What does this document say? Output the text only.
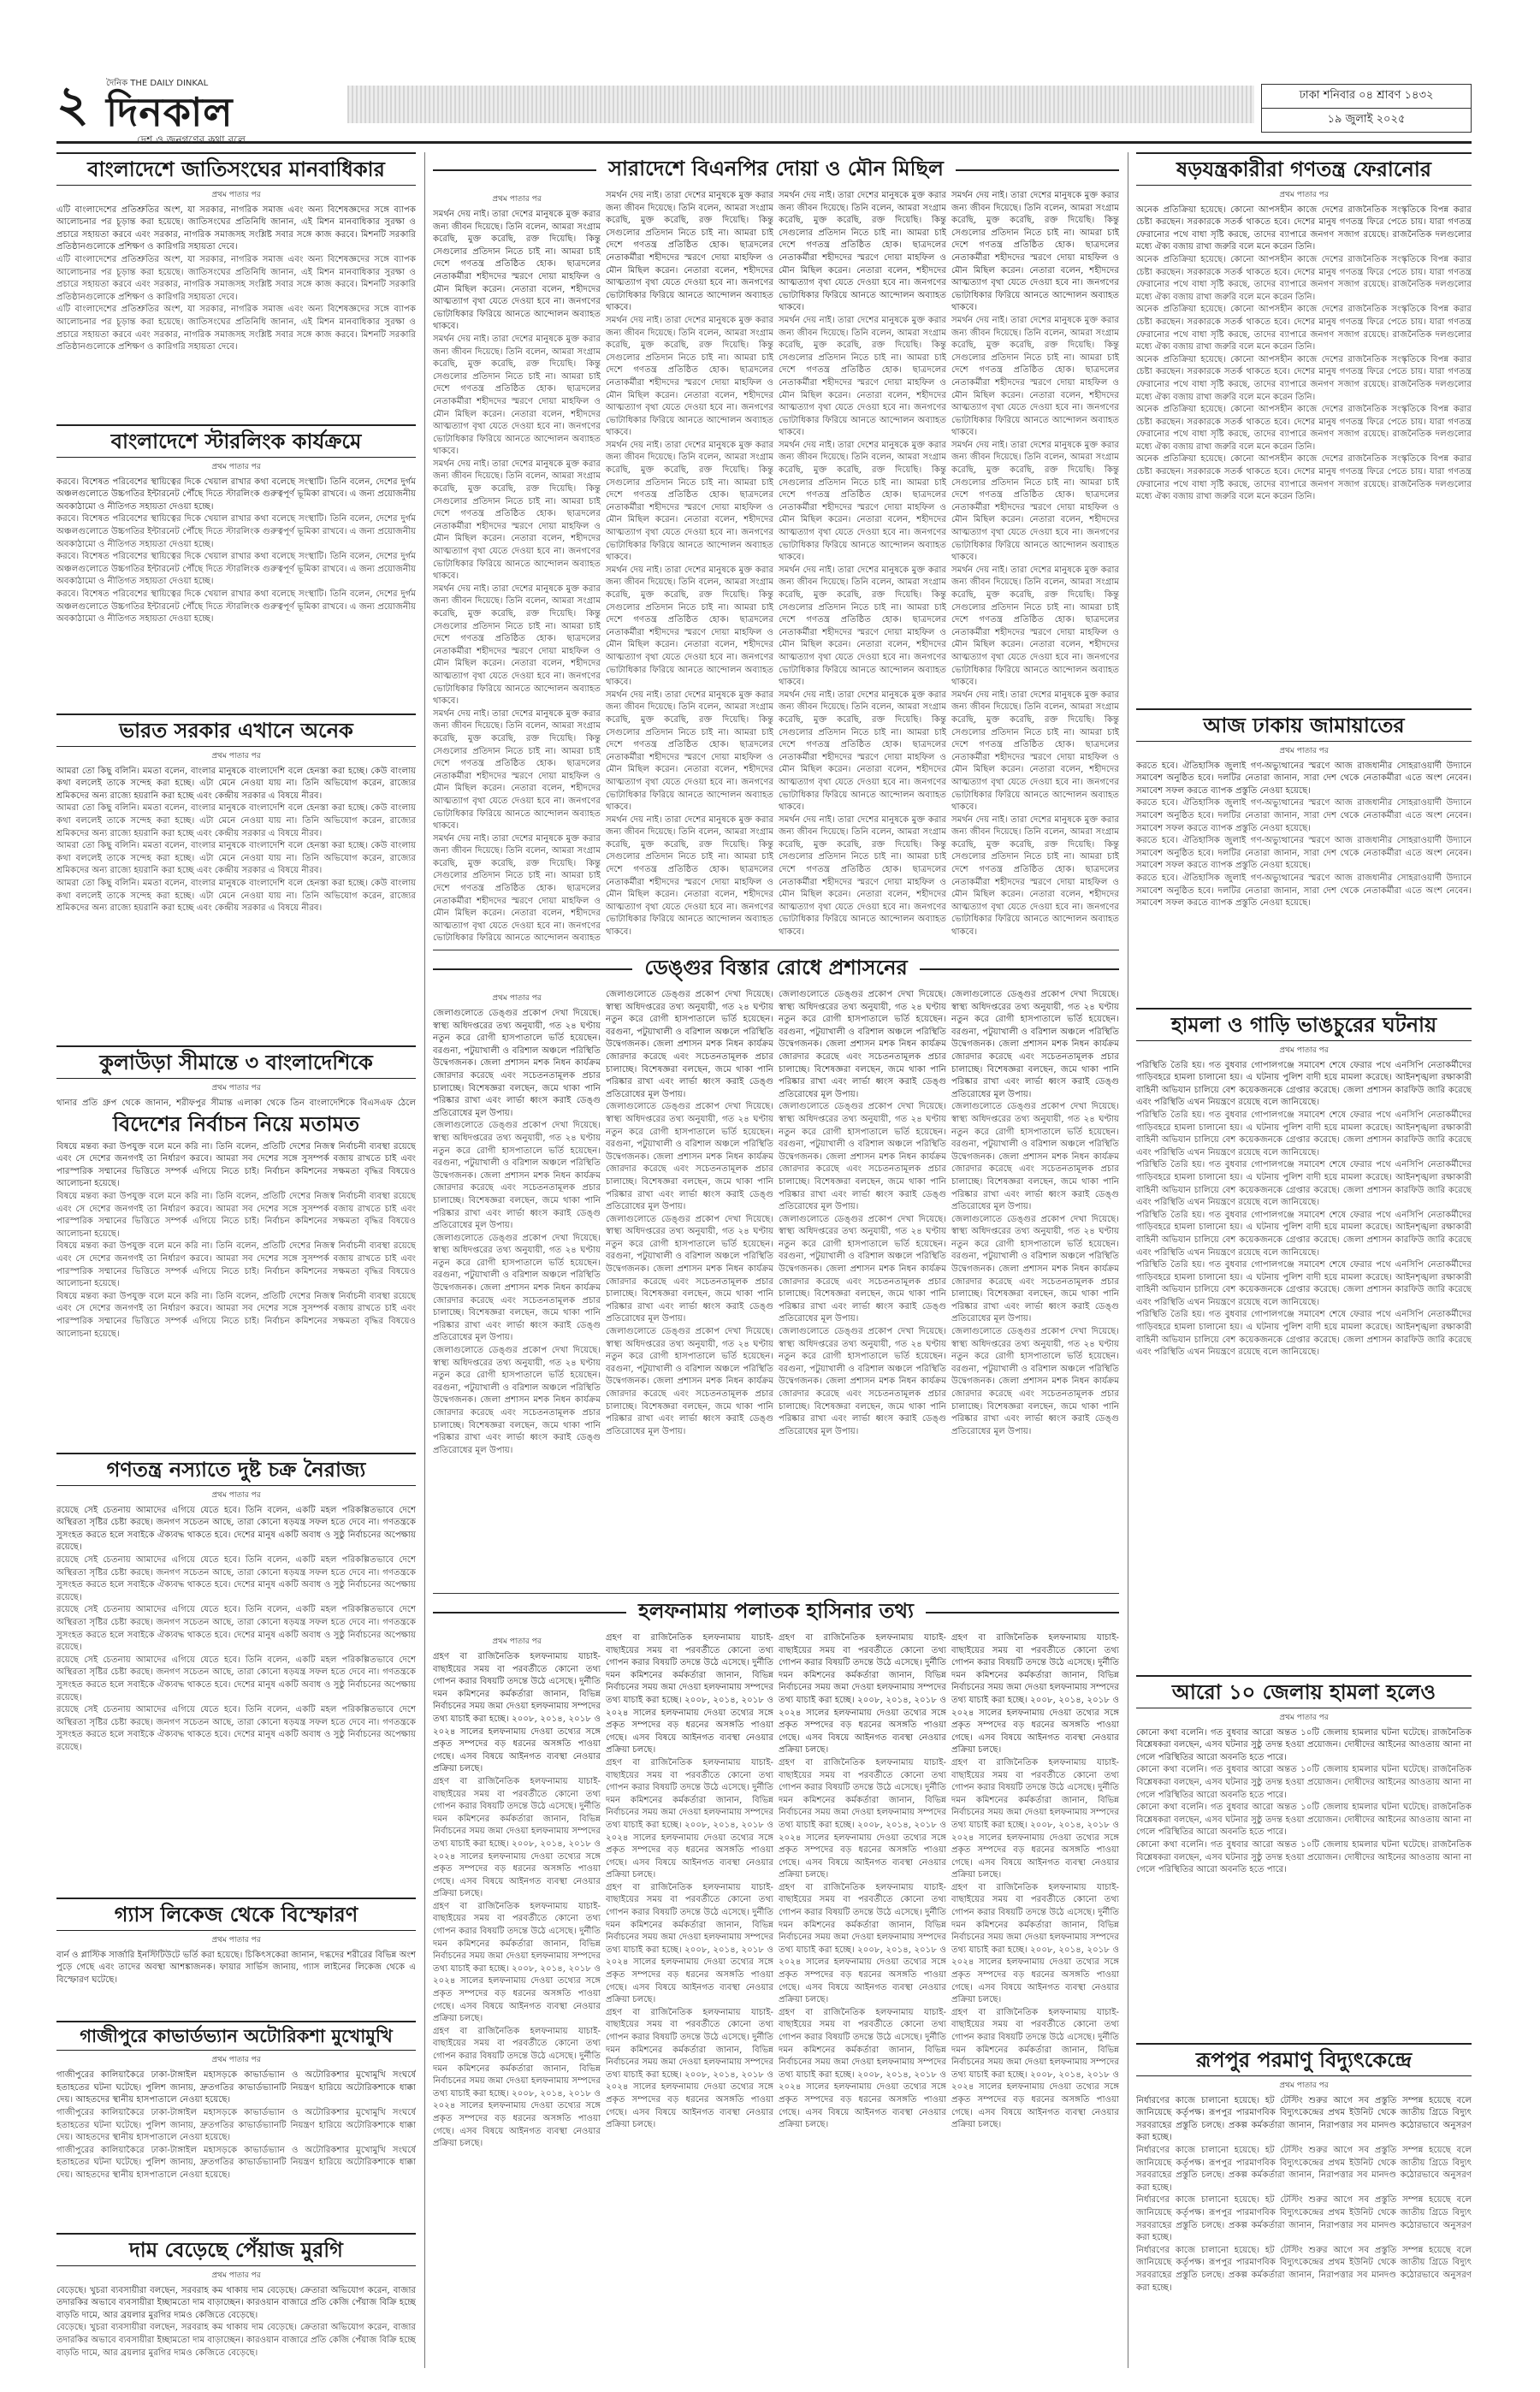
২ দৈনিক THE DAILY DINKAL
দিনকাল
দেশ ও জনগণের কথা বলে
ঢাকা শনিবার ০৪ শ্রাবণ ১৪৩২
১৯ জুলাই ২০২৫
বাংলাদেশে জাতিসংঘের মানবাধিকার
প্রথম পাতার পর
এটি বাংলাদেশের প্রতিশ্রুতির অংশ, যা সরকার, নাগরিক সমাজ এবং অন্য বিশেষজ্ঞদের সঙ্গে ব্যাপক আলোচনার পর চূড়ান্ত করা হয়েছে। জাতিসংঘের প্রতিনিধি জানান, এই মিশন মানবাধিকার সুরক্ষা ও প্রচারে সহায়তা করবে এবং সরকার, নাগরিক সমাজসহ সংশ্লিষ্ট সবার সঙ্গে কাজ করবে। মিশনটি সরকারি প্রতিষ্ঠানগুলোকে প্রশিক্ষণ ও কারিগরি সহায়তা দেবে।
এটি বাংলাদেশের প্রতিশ্রুতির অংশ, যা সরকার, নাগরিক সমাজ এবং অন্য বিশেষজ্ঞদের সঙ্গে ব্যাপক আলোচনার পর চূড়ান্ত করা হয়েছে। জাতিসংঘের প্রতিনিধি জানান, এই মিশন মানবাধিকার সুরক্ষা ও প্রচারে সহায়তা করবে এবং সরকার, নাগরিক সমাজসহ সংশ্লিষ্ট সবার সঙ্গে কাজ করবে। মিশনটি সরকারি প্রতিষ্ঠানগুলোকে প্রশিক্ষণ ও কারিগরি সহায়তা দেবে।
এটি বাংলাদেশের প্রতিশ্রুতির অংশ, যা সরকার, নাগরিক সমাজ এবং অন্য বিশেষজ্ঞদের সঙ্গে ব্যাপক আলোচনার পর চূড়ান্ত করা হয়েছে। জাতিসংঘের প্রতিনিধি জানান, এই মিশন মানবাধিকার সুরক্ষা ও প্রচারে সহায়তা করবে এবং সরকার, নাগরিক সমাজসহ সংশ্লিষ্ট সবার সঙ্গে কাজ করবে। মিশনটি সরকারি প্রতিষ্ঠানগুলোকে প্রশিক্ষণ ও কারিগরি সহায়তা দেবে।
বাংলাদেশে স্টারলিংক কার্যক্রমে
প্রথম পাতার পর
করবে। বিশেষত পরিবেশের স্থায়িত্বের দিকে খেয়াল রাখার কথা বলেছে সংস্থাটি। তিনি বলেন, দেশের দুর্গম অঞ্চলগুলোতে উচ্চগতির ইন্টারনেট পৌঁছে দিতে স্টারলিংক গুরুত্বপূর্ণ ভূমিকা রাখবে। এ জন্য প্রয়োজনীয় অবকাঠামো ও নীতিগত সহায়তা দেওয়া হচ্ছে।
করবে। বিশেষত পরিবেশের স্থায়িত্বের দিকে খেয়াল রাখার কথা বলেছে সংস্থাটি। তিনি বলেন, দেশের দুর্গম অঞ্চলগুলোতে উচ্চগতির ইন্টারনেট পৌঁছে দিতে স্টারলিংক গুরুত্বপূর্ণ ভূমিকা রাখবে। এ জন্য প্রয়োজনীয় অবকাঠামো ও নীতিগত সহায়তা দেওয়া হচ্ছে।
করবে। বিশেষত পরিবেশের স্থায়িত্বের দিকে খেয়াল রাখার কথা বলেছে সংস্থাটি। তিনি বলেন, দেশের দুর্গম অঞ্চলগুলোতে উচ্চগতির ইন্টারনেট পৌঁছে দিতে স্টারলিংক গুরুত্বপূর্ণ ভূমিকা রাখবে। এ জন্য প্রয়োজনীয় অবকাঠামো ও নীতিগত সহায়তা দেওয়া হচ্ছে।
করবে। বিশেষত পরিবেশের স্থায়িত্বের দিকে খেয়াল রাখার কথা বলেছে সংস্থাটি। তিনি বলেন, দেশের দুর্গম অঞ্চলগুলোতে উচ্চগতির ইন্টারনেট পৌঁছে দিতে স্টারলিংক গুরুত্বপূর্ণ ভূমিকা রাখবে। এ জন্য প্রয়োজনীয় অবকাঠামো ও নীতিগত সহায়তা দেওয়া হচ্ছে।
ভারত সরকার এখানে অনেক
প্রথম পাতার পর
আমরা তো কিছু বলিনি। মমতা বলেন, বাংলার মানুষকে বাংলাদেশি বলে হেনস্তা করা হচ্ছে। কেউ বাংলায় কথা বললেই তাকে সন্দেহ করা হচ্ছে। এটা মেনে নেওয়া যায় না। তিনি অভিযোগ করেন, রাজ্যের শ্রমিকদের অন্য রাজ্যে হয়রানি করা হচ্ছে এবং কেন্দ্রীয় সরকার এ বিষয়ে নীরব।
আমরা তো কিছু বলিনি। মমতা বলেন, বাংলার মানুষকে বাংলাদেশি বলে হেনস্তা করা হচ্ছে। কেউ বাংলায় কথা বললেই তাকে সন্দেহ করা হচ্ছে। এটা মেনে নেওয়া যায় না। তিনি অভিযোগ করেন, রাজ্যের শ্রমিকদের অন্য রাজ্যে হয়রানি করা হচ্ছে এবং কেন্দ্রীয় সরকার এ বিষয়ে নীরব।
আমরা তো কিছু বলিনি। মমতা বলেন, বাংলার মানুষকে বাংলাদেশি বলে হেনস্তা করা হচ্ছে। কেউ বাংলায় কথা বললেই তাকে সন্দেহ করা হচ্ছে। এটা মেনে নেওয়া যায় না। তিনি অভিযোগ করেন, রাজ্যের শ্রমিকদের অন্য রাজ্যে হয়রানি করা হচ্ছে এবং কেন্দ্রীয় সরকার এ বিষয়ে নীরব।
আমরা তো কিছু বলিনি। মমতা বলেন, বাংলার মানুষকে বাংলাদেশি বলে হেনস্তা করা হচ্ছে। কেউ বাংলায় কথা বললেই তাকে সন্দেহ করা হচ্ছে। এটা মেনে নেওয়া যায় না। তিনি অভিযোগ করেন, রাজ্যের শ্রমিকদের অন্য রাজ্যে হয়রানি করা হচ্ছে এবং কেন্দ্রীয় সরকার এ বিষয়ে নীরব।
কুলাউড়া সীমান্তে ৩ বাংলাদেশিকে
প্রথম পাতার পর
থানার প্রতি গ্রুপ থেকে জানান, শরীফপুর সীমান্ত এলাকা থেকে তিন বাংলাদেশিকে বিএসএফ ঠেলে
বিদেশের নির্বাচন নিয়ে মতামত
বিষয়ে মন্তব্য করা উপযুক্ত বলে মনে করি না। তিনি বলেন, প্রতিটি দেশের নিজস্ব নির্বাচনী ব্যবস্থা রয়েছে এবং সে দেশের জনগণই তা নির্ধারণ করবে। আমরা সব দেশের সঙ্গে সুসম্পর্ক বজায় রাখতে চাই এবং পারস্পরিক সম্মানের ভিত্তিতে সম্পর্ক এগিয়ে নিতে চাই। নির্বাচন কমিশনের সক্ষমতা বৃদ্ধির বিষয়েও আলোচনা হয়েছে।
বিষয়ে মন্তব্য করা উপযুক্ত বলে মনে করি না। তিনি বলেন, প্রতিটি দেশের নিজস্ব নির্বাচনী ব্যবস্থা রয়েছে এবং সে দেশের জনগণই তা নির্ধারণ করবে। আমরা সব দেশের সঙ্গে সুসম্পর্ক বজায় রাখতে চাই এবং পারস্পরিক সম্মানের ভিত্তিতে সম্পর্ক এগিয়ে নিতে চাই। নির্বাচন কমিশনের সক্ষমতা বৃদ্ধির বিষয়েও আলোচনা হয়েছে।
বিষয়ে মন্তব্য করা উপযুক্ত বলে মনে করি না। তিনি বলেন, প্রতিটি দেশের নিজস্ব নির্বাচনী ব্যবস্থা রয়েছে এবং সে দেশের জনগণই তা নির্ধারণ করবে। আমরা সব দেশের সঙ্গে সুসম্পর্ক বজায় রাখতে চাই এবং পারস্পরিক সম্মানের ভিত্তিতে সম্পর্ক এগিয়ে নিতে চাই। নির্বাচন কমিশনের সক্ষমতা বৃদ্ধির বিষয়েও আলোচনা হয়েছে।
বিষয়ে মন্তব্য করা উপযুক্ত বলে মনে করি না। তিনি বলেন, প্রতিটি দেশের নিজস্ব নির্বাচনী ব্যবস্থা রয়েছে এবং সে দেশের জনগণই তা নির্ধারণ করবে। আমরা সব দেশের সঙ্গে সুসম্পর্ক বজায় রাখতে চাই এবং পারস্পরিক সম্মানের ভিত্তিতে সম্পর্ক এগিয়ে নিতে চাই। নির্বাচন কমিশনের সক্ষমতা বৃদ্ধির বিষয়েও আলোচনা হয়েছে।
গণতন্ত্র নস্যাতে দুষ্ট চক্র নৈরাজ্য
প্রথম পাতার পর
রয়েছে সেই চেতনায় আমাদের এগিয়ে যেতে হবে। তিনি বলেন, একটি মহল পরিকল্পিতভাবে দেশে অস্থিরতা সৃষ্টির চেষ্টা করছে। জনগণ সচেতন আছে, তারা কোনো ষড়যন্ত্র সফল হতে দেবে না। গণতন্ত্রকে সুসংহত করতে হলে সবাইকে ঐক্যবদ্ধ থাকতে হবে। দেশের মানুষ একটি অবাধ ও সুষ্ঠু নির্বাচনের অপেক্ষায় রয়েছে।
রয়েছে সেই চেতনায় আমাদের এগিয়ে যেতে হবে। তিনি বলেন, একটি মহল পরিকল্পিতভাবে দেশে অস্থিরতা সৃষ্টির চেষ্টা করছে। জনগণ সচেতন আছে, তারা কোনো ষড়যন্ত্র সফল হতে দেবে না। গণতন্ত্রকে সুসংহত করতে হলে সবাইকে ঐক্যবদ্ধ থাকতে হবে। দেশের মানুষ একটি অবাধ ও সুষ্ঠু নির্বাচনের অপেক্ষায় রয়েছে।
রয়েছে সেই চেতনায় আমাদের এগিয়ে যেতে হবে। তিনি বলেন, একটি মহল পরিকল্পিতভাবে দেশে অস্থিরতা সৃষ্টির চেষ্টা করছে। জনগণ সচেতন আছে, তারা কোনো ষড়যন্ত্র সফল হতে দেবে না। গণতন্ত্রকে সুসংহত করতে হলে সবাইকে ঐক্যবদ্ধ থাকতে হবে। দেশের মানুষ একটি অবাধ ও সুষ্ঠু নির্বাচনের অপেক্ষায় রয়েছে।
রয়েছে সেই চেতনায় আমাদের এগিয়ে যেতে হবে। তিনি বলেন, একটি মহল পরিকল্পিতভাবে দেশে অস্থিরতা সৃষ্টির চেষ্টা করছে। জনগণ সচেতন আছে, তারা কোনো ষড়যন্ত্র সফল হতে দেবে না। গণতন্ত্রকে সুসংহত করতে হলে সবাইকে ঐক্যবদ্ধ থাকতে হবে। দেশের মানুষ একটি অবাধ ও সুষ্ঠু নির্বাচনের অপেক্ষায় রয়েছে।
রয়েছে সেই চেতনায় আমাদের এগিয়ে যেতে হবে। তিনি বলেন, একটি মহল পরিকল্পিতভাবে দেশে অস্থিরতা সৃষ্টির চেষ্টা করছে। জনগণ সচেতন আছে, তারা কোনো ষড়যন্ত্র সফল হতে দেবে না। গণতন্ত্রকে সুসংহত করতে হলে সবাইকে ঐক্যবদ্ধ থাকতে হবে। দেশের মানুষ একটি অবাধ ও সুষ্ঠু নির্বাচনের অপেক্ষায় রয়েছে।
গ্যাস লিকেজ থেকে বিস্ফোরণ
প্রথম পাতার পর
বার্ন ও প্লাস্টিক সার্জারি ইনস্টিটিউটে ভর্তি করা হয়েছে। চিকিৎসকেরা জানান, দগ্ধদের শরীরের বিভিন্ন অংশ পুড়ে গেছে এবং তাদের অবস্থা আশঙ্কাজনক। ফায়ার সার্ভিস জানায়, গ্যাস লাইনের লিকেজ থেকে এ বিস্ফোরণ ঘটেছে।
গাজীপুরে কাভার্ডভ্যান অটোরিকশা মুখোমুখি
প্রথম পাতার পর
গাজীপুরের কালিয়াকৈরে ঢাকা-টাঙ্গাইল মহাসড়কে কাভার্ডভ্যান ও অটোরিকশার মুখোমুখি সংঘর্ষে হতাহতের ঘটনা ঘটেছে। পুলিশ জানায়, দ্রুতগতির কাভার্ডভ্যানটি নিয়ন্ত্রণ হারিয়ে অটোরিকশাকে ধাক্কা দেয়। আহতদের স্থানীয় হাসপাতালে নেওয়া হয়েছে।
গাজীপুরের কালিয়াকৈরে ঢাকা-টাঙ্গাইল মহাসড়কে কাভার্ডভ্যান ও অটোরিকশার মুখোমুখি সংঘর্ষে হতাহতের ঘটনা ঘটেছে। পুলিশ জানায়, দ্রুতগতির কাভার্ডভ্যানটি নিয়ন্ত্রণ হারিয়ে অটোরিকশাকে ধাক্কা দেয়। আহতদের স্থানীয় হাসপাতালে নেওয়া হয়েছে।
গাজীপুরের কালিয়াকৈরে ঢাকা-টাঙ্গাইল মহাসড়কে কাভার্ডভ্যান ও অটোরিকশার মুখোমুখি সংঘর্ষে হতাহতের ঘটনা ঘটেছে। পুলিশ জানায়, দ্রুতগতির কাভার্ডভ্যানটি নিয়ন্ত্রণ হারিয়ে অটোরিকশাকে ধাক্কা দেয়। আহতদের স্থানীয় হাসপাতালে নেওয়া হয়েছে।
দাম বেড়েছে পেঁয়াজ মুরগি
প্রথম পাতার পর
বেড়েছে। খুচরা ব্যবসায়ীরা বলছেন, সরবরাহ কম থাকায় দাম বেড়েছে। ক্রেতারা অভিযোগ করেন, বাজার তদারকির অভাবে ব্যবসায়ীরা ইচ্ছামতো দাম বাড়াচ্ছেন। কারওয়ান বাজারে প্রতি কেজি পেঁয়াজ বিক্রি হচ্ছে বাড়তি দামে, আর ব্রয়লার মুরগির দামও কেজিতে বেড়েছে।
বেড়েছে। খুচরা ব্যবসায়ীরা বলছেন, সরবরাহ কম থাকায় দাম বেড়েছে। ক্রেতারা অভিযোগ করেন, বাজার তদারকির অভাবে ব্যবসায়ীরা ইচ্ছামতো দাম বাড়াচ্ছেন। কারওয়ান বাজারে প্রতি কেজি পেঁয়াজ বিক্রি হচ্ছে বাড়তি দামে, আর ব্রয়লার মুরগির দামও কেজিতে বেড়েছে।
সারাদেশে বিএনপির দোয়া ও মৌন মিছিল
প্রথম পাতার পর
সমর্থন দেয় নাই। তারা দেশের মানুষকে মুক্ত করার জন্য জীবন দিয়েছে। তিনি বলেন, আমরা সংগ্রাম করেছি, মুক্ত করেছি, রক্ত দিয়েছি। কিন্তু সেগুলোর প্রতিদান নিতে চাই না। আমরা চাই দেশে গণতন্ত্র প্রতিষ্ঠিত হোক। ছাত্রদলের নেতাকর্মীরা শহীদদের স্মরণে দোয়া মাহফিল ও মৌন মিছিল করেন। নেতারা বলেন, শহীদদের আত্মত্যাগ বৃথা যেতে দেওয়া হবে না। জনগণের ভোটাধিকার ফিরিয়ে আনতে আন্দোলন অব্যাহত থাকবে।
সমর্থন দেয় নাই। তারা দেশের মানুষকে মুক্ত করার জন্য জীবন দিয়েছে। তিনি বলেন, আমরা সংগ্রাম করেছি, মুক্ত করেছি, রক্ত দিয়েছি। কিন্তু সেগুলোর প্রতিদান নিতে চাই না। আমরা চাই দেশে গণতন্ত্র প্রতিষ্ঠিত হোক। ছাত্রদলের নেতাকর্মীরা শহীদদের স্মরণে দোয়া মাহফিল ও মৌন মিছিল করেন। নেতারা বলেন, শহীদদের আত্মত্যাগ বৃথা যেতে দেওয়া হবে না। জনগণের ভোটাধিকার ফিরিয়ে আনতে আন্দোলন অব্যাহত থাকবে।
সমর্থন দেয় নাই। তারা দেশের মানুষকে মুক্ত করার জন্য জীবন দিয়েছে। তিনি বলেন, আমরা সংগ্রাম করেছি, মুক্ত করেছি, রক্ত দিয়েছি। কিন্তু সেগুলোর প্রতিদান নিতে চাই না। আমরা চাই দেশে গণতন্ত্র প্রতিষ্ঠিত হোক। ছাত্রদলের নেতাকর্মীরা শহীদদের স্মরণে দোয়া মাহফিল ও মৌন মিছিল করেন। নেতারা বলেন, শহীদদের আত্মত্যাগ বৃথা যেতে দেওয়া হবে না। জনগণের ভোটাধিকার ফিরিয়ে আনতে আন্দোলন অব্যাহত থাকবে।
সমর্থন দেয় নাই। তারা দেশের মানুষকে মুক্ত করার জন্য জীবন দিয়েছে। তিনি বলেন, আমরা সংগ্রাম করেছি, মুক্ত করেছি, রক্ত দিয়েছি। কিন্তু সেগুলোর প্রতিদান নিতে চাই না। আমরা চাই দেশে গণতন্ত্র প্রতিষ্ঠিত হোক। ছাত্রদলের নেতাকর্মীরা শহীদদের স্মরণে দোয়া মাহফিল ও মৌন মিছিল করেন। নেতারা বলেন, শহীদদের আত্মত্যাগ বৃথা যেতে দেওয়া হবে না। জনগণের ভোটাধিকার ফিরিয়ে আনতে আন্দোলন অব্যাহত থাকবে।
সমর্থন দেয় নাই। তারা দেশের মানুষকে মুক্ত করার জন্য জীবন দিয়েছে। তিনি বলেন, আমরা সংগ্রাম করেছি, মুক্ত করেছি, রক্ত দিয়েছি। কিন্তু সেগুলোর প্রতিদান নিতে চাই না। আমরা চাই দেশে গণতন্ত্র প্রতিষ্ঠিত হোক। ছাত্রদলের নেতাকর্মীরা শহীদদের স্মরণে দোয়া মাহফিল ও মৌন মিছিল করেন। নেতারা বলেন, শহীদদের আত্মত্যাগ বৃথা যেতে দেওয়া হবে না। জনগণের ভোটাধিকার ফিরিয়ে আনতে আন্দোলন অব্যাহত থাকবে।
সমর্থন দেয় নাই। তারা দেশের মানুষকে মুক্ত করার জন্য জীবন দিয়েছে। তিনি বলেন, আমরা সংগ্রাম করেছি, মুক্ত করেছি, রক্ত দিয়েছি। কিন্তু সেগুলোর প্রতিদান নিতে চাই না। আমরা চাই দেশে গণতন্ত্র প্রতিষ্ঠিত হোক। ছাত্রদলের নেতাকর্মীরা শহীদদের স্মরণে দোয়া মাহফিল ও মৌন মিছিল করেন। নেতারা বলেন, শহীদদের আত্মত্যাগ বৃথা যেতে দেওয়া হবে না। জনগণের ভোটাধিকার ফিরিয়ে আনতে আন্দোলন অব্যাহত
সমর্থন দেয় নাই। তারা দেশের মানুষকে মুক্ত করার জন্য জীবন দিয়েছে। তিনি বলেন, আমরা সংগ্রাম করেছি, মুক্ত করেছি, রক্ত দিয়েছি। কিন্তু সেগুলোর প্রতিদান নিতে চাই না। আমরা চাই দেশে গণতন্ত্র প্রতিষ্ঠিত হোক। ছাত্রদলের নেতাকর্মীরা শহীদদের স্মরণে দোয়া মাহফিল ও মৌন মিছিল করেন। নেতারা বলেন, শহীদদের আত্মত্যাগ বৃথা যেতে দেওয়া হবে না। জনগণের ভোটাধিকার ফিরিয়ে আনতে আন্দোলন অব্যাহত থাকবে।
সমর্থন দেয় নাই। তারা দেশের মানুষকে মুক্ত করার জন্য জীবন দিয়েছে। তিনি বলেন, আমরা সংগ্রাম করেছি, মুক্ত করেছি, রক্ত দিয়েছি। কিন্তু সেগুলোর প্রতিদান নিতে চাই না। আমরা চাই দেশে গণতন্ত্র প্রতিষ্ঠিত হোক। ছাত্রদলের নেতাকর্মীরা শহীদদের স্মরণে দোয়া মাহফিল ও মৌন মিছিল করেন। নেতারা বলেন, শহীদদের আত্মত্যাগ বৃথা যেতে দেওয়া হবে না। জনগণের ভোটাধিকার ফিরিয়ে আনতে আন্দোলন অব্যাহত থাকবে।
সমর্থন দেয় নাই। তারা দেশের মানুষকে মুক্ত করার জন্য জীবন দিয়েছে। তিনি বলেন, আমরা সংগ্রাম করেছি, মুক্ত করেছি, রক্ত দিয়েছি। কিন্তু সেগুলোর প্রতিদান নিতে চাই না। আমরা চাই দেশে গণতন্ত্র প্রতিষ্ঠিত হোক। ছাত্রদলের নেতাকর্মীরা শহীদদের স্মরণে দোয়া মাহফিল ও মৌন মিছিল করেন। নেতারা বলেন, শহীদদের আত্মত্যাগ বৃথা যেতে দেওয়া হবে না। জনগণের ভোটাধিকার ফিরিয়ে আনতে আন্দোলন অব্যাহত থাকবে।
সমর্থন দেয় নাই। তারা দেশের মানুষকে মুক্ত করার জন্য জীবন দিয়েছে। তিনি বলেন, আমরা সংগ্রাম করেছি, মুক্ত করেছি, রক্ত দিয়েছি। কিন্তু সেগুলোর প্রতিদান নিতে চাই না। আমরা চাই দেশে গণতন্ত্র প্রতিষ্ঠিত হোক। ছাত্রদলের নেতাকর্মীরা শহীদদের স্মরণে দোয়া মাহফিল ও মৌন মিছিল করেন। নেতারা বলেন, শহীদদের আত্মত্যাগ বৃথা যেতে দেওয়া হবে না। জনগণের ভোটাধিকার ফিরিয়ে আনতে আন্দোলন অব্যাহত থাকবে।
সমর্থন দেয় নাই। তারা দেশের মানুষকে মুক্ত করার জন্য জীবন দিয়েছে। তিনি বলেন, আমরা সংগ্রাম করেছি, মুক্ত করেছি, রক্ত দিয়েছি। কিন্তু সেগুলোর প্রতিদান নিতে চাই না। আমরা চাই দেশে গণতন্ত্র প্রতিষ্ঠিত হোক। ছাত্রদলের নেতাকর্মীরা শহীদদের স্মরণে দোয়া মাহফিল ও মৌন মিছিল করেন। নেতারা বলেন, শহীদদের আত্মত্যাগ বৃথা যেতে দেওয়া হবে না। জনগণের ভোটাধিকার ফিরিয়ে আনতে আন্দোলন অব্যাহত থাকবে।
সমর্থন দেয় নাই। তারা দেশের মানুষকে মুক্ত করার জন্য জীবন দিয়েছে। তিনি বলেন, আমরা সংগ্রাম করেছি, মুক্ত করেছি, রক্ত দিয়েছি। কিন্তু সেগুলোর প্রতিদান নিতে চাই না। আমরা চাই দেশে গণতন্ত্র প্রতিষ্ঠিত হোক। ছাত্রদলের নেতাকর্মীরা শহীদদের স্মরণে দোয়া মাহফিল ও মৌন মিছিল করেন। নেতারা বলেন, শহীদদের আত্মত্যাগ বৃথা যেতে দেওয়া হবে না। জনগণের ভোটাধিকার ফিরিয়ে আনতে আন্দোলন অব্যাহত থাকবে।
সমর্থন দেয় নাই। তারা দেশের মানুষকে মুক্ত করার জন্য জীবন দিয়েছে। তিনি বলেন, আমরা সংগ্রাম করেছি, মুক্ত করেছি, রক্ত দিয়েছি। কিন্তু সেগুলোর প্রতিদান নিতে চাই না। আমরা চাই দেশে গণতন্ত্র প্রতিষ্ঠিত হোক। ছাত্রদলের নেতাকর্মীরা শহীদদের স্মরণে দোয়া মাহফিল ও মৌন মিছিল করেন। নেতারা বলেন, শহীদদের আত্মত্যাগ বৃথা যেতে দেওয়া হবে না। জনগণের ভোটাধিকার ফিরিয়ে আনতে আন্দোলন অব্যাহত থাকবে।
সমর্থন দেয় নাই। তারা দেশের মানুষকে মুক্ত করার জন্য জীবন দিয়েছে। তিনি বলেন, আমরা সংগ্রাম করেছি, মুক্ত করেছি, রক্ত দিয়েছি। কিন্তু সেগুলোর প্রতিদান নিতে চাই না। আমরা চাই দেশে গণতন্ত্র প্রতিষ্ঠিত হোক। ছাত্রদলের নেতাকর্মীরা শহীদদের স্মরণে দোয়া মাহফিল ও মৌন মিছিল করেন। নেতারা বলেন, শহীদদের আত্মত্যাগ বৃথা যেতে দেওয়া হবে না। জনগণের ভোটাধিকার ফিরিয়ে আনতে আন্দোলন অব্যাহত থাকবে।
সমর্থন দেয় নাই। তারা দেশের মানুষকে মুক্ত করার জন্য জীবন দিয়েছে। তিনি বলেন, আমরা সংগ্রাম করেছি, মুক্ত করেছি, রক্ত দিয়েছি। কিন্তু সেগুলোর প্রতিদান নিতে চাই না। আমরা চাই দেশে গণতন্ত্র প্রতিষ্ঠিত হোক। ছাত্রদলের নেতাকর্মীরা শহীদদের স্মরণে দোয়া মাহফিল ও মৌন মিছিল করেন। নেতারা বলেন, শহীদদের আত্মত্যাগ বৃথা যেতে দেওয়া হবে না। জনগণের ভোটাধিকার ফিরিয়ে আনতে আন্দোলন অব্যাহত থাকবে।
সমর্থন দেয় নাই। তারা দেশের মানুষকে মুক্ত করার জন্য জীবন দিয়েছে। তিনি বলেন, আমরা সংগ্রাম করেছি, মুক্ত করেছি, রক্ত দিয়েছি। কিন্তু সেগুলোর প্রতিদান নিতে চাই না। আমরা চাই দেশে গণতন্ত্র প্রতিষ্ঠিত হোক। ছাত্রদলের নেতাকর্মীরা শহীদদের স্মরণে দোয়া মাহফিল ও মৌন মিছিল করেন। নেতারা বলেন, শহীদদের আত্মত্যাগ বৃথা যেতে দেওয়া হবে না। জনগণের ভোটাধিকার ফিরিয়ে আনতে আন্দোলন অব্যাহত থাকবে।
সমর্থন দেয় নাই। তারা দেশের মানুষকে মুক্ত করার জন্য জীবন দিয়েছে। তিনি বলেন, আমরা সংগ্রাম করেছি, মুক্ত করেছি, রক্ত দিয়েছি। কিন্তু সেগুলোর প্রতিদান নিতে চাই না। আমরা চাই দেশে গণতন্ত্র প্রতিষ্ঠিত হোক। ছাত্রদলের নেতাকর্মীরা শহীদদের স্মরণে দোয়া মাহফিল ও মৌন মিছিল করেন। নেতারা বলেন, শহীদদের আত্মত্যাগ বৃথা যেতে দেওয়া হবে না। জনগণের ভোটাধিকার ফিরিয়ে আনতে আন্দোলন অব্যাহত থাকবে।
সমর্থন দেয় নাই। তারা দেশের মানুষকে মুক্ত করার জন্য জীবন দিয়েছে। তিনি বলেন, আমরা সংগ্রাম করেছি, মুক্ত করেছি, রক্ত দিয়েছি। কিন্তু সেগুলোর প্রতিদান নিতে চাই না। আমরা চাই দেশে গণতন্ত্র প্রতিষ্ঠিত হোক। ছাত্রদলের নেতাকর্মীরা শহীদদের স্মরণে দোয়া মাহফিল ও মৌন মিছিল করেন। নেতারা বলেন, শহীদদের আত্মত্যাগ বৃথা যেতে দেওয়া হবে না। জনগণের ভোটাধিকার ফিরিয়ে আনতে আন্দোলন অব্যাহত থাকবে।
সমর্থন দেয় নাই। তারা দেশের মানুষকে মুক্ত করার জন্য জীবন দিয়েছে। তিনি বলেন, আমরা সংগ্রাম করেছি, মুক্ত করেছি, রক্ত দিয়েছি। কিন্তু সেগুলোর প্রতিদান নিতে চাই না। আমরা চাই দেশে গণতন্ত্র প্রতিষ্ঠিত হোক। ছাত্রদলের নেতাকর্মীরা শহীদদের স্মরণে দোয়া মাহফিল ও মৌন মিছিল করেন। নেতারা বলেন, শহীদদের আত্মত্যাগ বৃথা যেতে দেওয়া হবে না। জনগণের ভোটাধিকার ফিরিয়ে আনতে আন্দোলন অব্যাহত থাকবে।
সমর্থন দেয় নাই। তারা দেশের মানুষকে মুক্ত করার জন্য জীবন দিয়েছে। তিনি বলেন, আমরা সংগ্রাম করেছি, মুক্ত করেছি, রক্ত দিয়েছি। কিন্তু সেগুলোর প্রতিদান নিতে চাই না। আমরা চাই দেশে গণতন্ত্র প্রতিষ্ঠিত হোক। ছাত্রদলের নেতাকর্মীরা শহীদদের স্মরণে দোয়া মাহফিল ও মৌন মিছিল করেন। নেতারা বলেন, শহীদদের আত্মত্যাগ বৃথা যেতে দেওয়া হবে না। জনগণের ভোটাধিকার ফিরিয়ে আনতে আন্দোলন অব্যাহত থাকবে।
সমর্থন দেয় নাই। তারা দেশের মানুষকে মুক্ত করার জন্য জীবন দিয়েছে। তিনি বলেন, আমরা সংগ্রাম করেছি, মুক্ত করেছি, রক্ত দিয়েছি। কিন্তু সেগুলোর প্রতিদান নিতে চাই না। আমরা চাই দেশে গণতন্ত্র প্রতিষ্ঠিত হোক। ছাত্রদলের নেতাকর্মীরা শহীদদের স্মরণে দোয়া মাহফিল ও মৌন মিছিল করেন। নেতারা বলেন, শহীদদের আত্মত্যাগ বৃথা যেতে দেওয়া হবে না। জনগণের ভোটাধিকার ফিরিয়ে আনতে আন্দোলন অব্যাহত থাকবে।
সমর্থন দেয় নাই। তারা দেশের মানুষকে মুক্ত করার জন্য জীবন দিয়েছে। তিনি বলেন, আমরা সংগ্রাম করেছি, মুক্ত করেছি, রক্ত দিয়েছি। কিন্তু সেগুলোর প্রতিদান নিতে চাই না। আমরা চাই দেশে গণতন্ত্র প্রতিষ্ঠিত হোক। ছাত্রদলের নেতাকর্মীরা শহীদদের স্মরণে দোয়া মাহফিল ও মৌন মিছিল করেন। নেতারা বলেন, শহীদদের আত্মত্যাগ বৃথা যেতে দেওয়া হবে না। জনগণের ভোটাধিকার ফিরিয়ে আনতে আন্দোলন অব্যাহত থাকবে।
সমর্থন দেয় নাই। তারা দেশের মানুষকে মুক্ত করার জন্য জীবন দিয়েছে। তিনি বলেন, আমরা সংগ্রাম করেছি, মুক্ত করেছি, রক্ত দিয়েছি। কিন্তু সেগুলোর প্রতিদান নিতে চাই না। আমরা চাই দেশে গণতন্ত্র প্রতিষ্ঠিত হোক। ছাত্রদলের নেতাকর্মীরা শহীদদের স্মরণে দোয়া মাহফিল ও মৌন মিছিল করেন। নেতারা বলেন, শহীদদের আত্মত্যাগ বৃথা যেতে দেওয়া হবে না। জনগণের ভোটাধিকার ফিরিয়ে আনতে আন্দোলন অব্যাহত থাকবে।
সমর্থন দেয় নাই। তারা দেশের মানুষকে মুক্ত করার জন্য জীবন দিয়েছে। তিনি বলেন, আমরা সংগ্রাম করেছি, মুক্ত করেছি, রক্ত দিয়েছি। কিন্তু সেগুলোর প্রতিদান নিতে চাই না। আমরা চাই দেশে গণতন্ত্র প্রতিষ্ঠিত হোক। ছাত্রদলের নেতাকর্মীরা শহীদদের স্মরণে দোয়া মাহফিল ও মৌন মিছিল করেন। নেতারা বলেন, শহীদদের আত্মত্যাগ বৃথা যেতে দেওয়া হবে না। জনগণের ভোটাধিকার ফিরিয়ে আনতে আন্দোলন অব্যাহত থাকবে।
ডেঙ্গুর বিস্তার রোধে প্রশাসনের
প্রথম পাতার পর
জেলাগুলোতে ডেঙ্গুর প্রকোপ দেখা দিয়েছে। স্বাস্থ্য অধিদপ্তরের তথ্য অনুযায়ী, গত ২৪ ঘণ্টায় নতুন করে রোগী হাসপাতালে ভর্তি হয়েছেন। বরগুনা, পটুয়াখালী ও বরিশাল অঞ্চলে পরিস্থিতি উদ্বেগজনক। জেলা প্রশাসন মশক নিধন কার্যক্রম জোরদার করেছে এবং সচেতনতামূলক প্রচার চালাচ্ছে। বিশেষজ্ঞরা বলছেন, জমে থাকা পানি পরিষ্কার রাখা এবং লার্ভা ধ্বংস করাই ডেঙ্গু প্রতিরোধের মূল উপায়।
জেলাগুলোতে ডেঙ্গুর প্রকোপ দেখা দিয়েছে। স্বাস্থ্য অধিদপ্তরের তথ্য অনুযায়ী, গত ২৪ ঘণ্টায় নতুন করে রোগী হাসপাতালে ভর্তি হয়েছেন। বরগুনা, পটুয়াখালী ও বরিশাল অঞ্চলে পরিস্থিতি উদ্বেগজনক। জেলা প্রশাসন মশক নিধন কার্যক্রম জোরদার করেছে এবং সচেতনতামূলক প্রচার চালাচ্ছে। বিশেষজ্ঞরা বলছেন, জমে থাকা পানি পরিষ্কার রাখা এবং লার্ভা ধ্বংস করাই ডেঙ্গু প্রতিরোধের মূল উপায়।
জেলাগুলোতে ডেঙ্গুর প্রকোপ দেখা দিয়েছে। স্বাস্থ্য অধিদপ্তরের তথ্য অনুযায়ী, গত ২৪ ঘণ্টায় নতুন করে রোগী হাসপাতালে ভর্তি হয়েছেন। বরগুনা, পটুয়াখালী ও বরিশাল অঞ্চলে পরিস্থিতি উদ্বেগজনক। জেলা প্রশাসন মশক নিধন কার্যক্রম জোরদার করেছে এবং সচেতনতামূলক প্রচার চালাচ্ছে। বিশেষজ্ঞরা বলছেন, জমে থাকা পানি পরিষ্কার রাখা এবং লার্ভা ধ্বংস করাই ডেঙ্গু প্রতিরোধের মূল উপায়।
জেলাগুলোতে ডেঙ্গুর প্রকোপ দেখা দিয়েছে। স্বাস্থ্য অধিদপ্তরের তথ্য অনুযায়ী, গত ২৪ ঘণ্টায় নতুন করে রোগী হাসপাতালে ভর্তি হয়েছেন। বরগুনা, পটুয়াখালী ও বরিশাল অঞ্চলে পরিস্থিতি উদ্বেগজনক। জেলা প্রশাসন মশক নিধন কার্যক্রম জোরদার করেছে এবং সচেতনতামূলক প্রচার চালাচ্ছে। বিশেষজ্ঞরা বলছেন, জমে থাকা পানি পরিষ্কার রাখা এবং লার্ভা ধ্বংস করাই ডেঙ্গু প্রতিরোধের মূল উপায়।
জেলাগুলোতে ডেঙ্গুর প্রকোপ দেখা দিয়েছে। স্বাস্থ্য অধিদপ্তরের তথ্য অনুযায়ী, গত ২৪ ঘণ্টায় নতুন করে রোগী হাসপাতালে ভর্তি হয়েছেন। বরগুনা, পটুয়াখালী ও বরিশাল অঞ্চলে পরিস্থিতি উদ্বেগজনক। জেলা প্রশাসন মশক নিধন কার্যক্রম জোরদার করেছে এবং সচেতনতামূলক প্রচার চালাচ্ছে। বিশেষজ্ঞরা বলছেন, জমে থাকা পানি পরিষ্কার রাখা এবং লার্ভা ধ্বংস করাই ডেঙ্গু প্রতিরোধের মূল উপায়।
জেলাগুলোতে ডেঙ্গুর প্রকোপ দেখা দিয়েছে। স্বাস্থ্য অধিদপ্তরের তথ্য অনুযায়ী, গত ২৪ ঘণ্টায় নতুন করে রোগী হাসপাতালে ভর্তি হয়েছেন। বরগুনা, পটুয়াখালী ও বরিশাল অঞ্চলে পরিস্থিতি উদ্বেগজনক। জেলা প্রশাসন মশক নিধন কার্যক্রম জোরদার করেছে এবং সচেতনতামূলক প্রচার চালাচ্ছে। বিশেষজ্ঞরা বলছেন, জমে থাকা পানি পরিষ্কার রাখা এবং লার্ভা ধ্বংস করাই ডেঙ্গু প্রতিরোধের মূল উপায়।
জেলাগুলোতে ডেঙ্গুর প্রকোপ দেখা দিয়েছে। স্বাস্থ্য অধিদপ্তরের তথ্য অনুযায়ী, গত ২৪ ঘণ্টায় নতুন করে রোগী হাসপাতালে ভর্তি হয়েছেন। বরগুনা, পটুয়াখালী ও বরিশাল অঞ্চলে পরিস্থিতি উদ্বেগজনক। জেলা প্রশাসন মশক নিধন কার্যক্রম জোরদার করেছে এবং সচেতনতামূলক প্রচার চালাচ্ছে। বিশেষজ্ঞরা বলছেন, জমে থাকা পানি পরিষ্কার রাখা এবং লার্ভা ধ্বংস করাই ডেঙ্গু প্রতিরোধের মূল উপায়।
জেলাগুলোতে ডেঙ্গুর প্রকোপ দেখা দিয়েছে। স্বাস্থ্য অধিদপ্তরের তথ্য অনুযায়ী, গত ২৪ ঘণ্টায় নতুন করে রোগী হাসপাতালে ভর্তি হয়েছেন। বরগুনা, পটুয়াখালী ও বরিশাল অঞ্চলে পরিস্থিতি উদ্বেগজনক। জেলা প্রশাসন মশক নিধন কার্যক্রম জোরদার করেছে এবং সচেতনতামূলক প্রচার চালাচ্ছে। বিশেষজ্ঞরা বলছেন, জমে থাকা পানি পরিষ্কার রাখা এবং লার্ভা ধ্বংস করাই ডেঙ্গু প্রতিরোধের মূল উপায়।
জেলাগুলোতে ডেঙ্গুর প্রকোপ দেখা দিয়েছে। স্বাস্থ্য অধিদপ্তরের তথ্য অনুযায়ী, গত ২৪ ঘণ্টায় নতুন করে রোগী হাসপাতালে ভর্তি হয়েছেন। বরগুনা, পটুয়াখালী ও বরিশাল অঞ্চলে পরিস্থিতি উদ্বেগজনক। জেলা প্রশাসন মশক নিধন কার্যক্রম জোরদার করেছে এবং সচেতনতামূলক প্রচার চালাচ্ছে। বিশেষজ্ঞরা বলছেন, জমে থাকা পানি পরিষ্কার রাখা এবং লার্ভা ধ্বংস করাই ডেঙ্গু প্রতিরোধের মূল উপায়।
জেলাগুলোতে ডেঙ্গুর প্রকোপ দেখা দিয়েছে। স্বাস্থ্য অধিদপ্তরের তথ্য অনুযায়ী, গত ২৪ ঘণ্টায় নতুন করে রোগী হাসপাতালে ভর্তি হয়েছেন। বরগুনা, পটুয়াখালী ও বরিশাল অঞ্চলে পরিস্থিতি উদ্বেগজনক। জেলা প্রশাসন মশক নিধন কার্যক্রম জোরদার করেছে এবং সচেতনতামূলক প্রচার চালাচ্ছে। বিশেষজ্ঞরা বলছেন, জমে থাকা পানি পরিষ্কার রাখা এবং লার্ভা ধ্বংস করাই ডেঙ্গু প্রতিরোধের মূল উপায়।
জেলাগুলোতে ডেঙ্গুর প্রকোপ দেখা দিয়েছে। স্বাস্থ্য অধিদপ্তরের তথ্য অনুযায়ী, গত ২৪ ঘণ্টায় নতুন করে রোগী হাসপাতালে ভর্তি হয়েছেন। বরগুনা, পটুয়াখালী ও বরিশাল অঞ্চলে পরিস্থিতি উদ্বেগজনক। জেলা প্রশাসন মশক নিধন কার্যক্রম জোরদার করেছে এবং সচেতনতামূলক প্রচার চালাচ্ছে। বিশেষজ্ঞরা বলছেন, জমে থাকা পানি পরিষ্কার রাখা এবং লার্ভা ধ্বংস করাই ডেঙ্গু প্রতিরোধের মূল উপায়।
জেলাগুলোতে ডেঙ্গুর প্রকোপ দেখা দিয়েছে। স্বাস্থ্য অধিদপ্তরের তথ্য অনুযায়ী, গত ২৪ ঘণ্টায় নতুন করে রোগী হাসপাতালে ভর্তি হয়েছেন। বরগুনা, পটুয়াখালী ও বরিশাল অঞ্চলে পরিস্থিতি উদ্বেগজনক। জেলা প্রশাসন মশক নিধন কার্যক্রম জোরদার করেছে এবং সচেতনতামূলক প্রচার চালাচ্ছে। বিশেষজ্ঞরা বলছেন, জমে থাকা পানি পরিষ্কার রাখা এবং লার্ভা ধ্বংস করাই ডেঙ্গু প্রতিরোধের মূল উপায়।
জেলাগুলোতে ডেঙ্গুর প্রকোপ দেখা দিয়েছে। স্বাস্থ্য অধিদপ্তরের তথ্য অনুযায়ী, গত ২৪ ঘণ্টায় নতুন করে রোগী হাসপাতালে ভর্তি হয়েছেন। বরগুনা, পটুয়াখালী ও বরিশাল অঞ্চলে পরিস্থিতি উদ্বেগজনক। জেলা প্রশাসন মশক নিধন কার্যক্রম জোরদার করেছে এবং সচেতনতামূলক প্রচার চালাচ্ছে। বিশেষজ্ঞরা বলছেন, জমে থাকা পানি পরিষ্কার রাখা এবং লার্ভা ধ্বংস করাই ডেঙ্গু প্রতিরোধের মূল উপায়।
জেলাগুলোতে ডেঙ্গুর প্রকোপ দেখা দিয়েছে। স্বাস্থ্য অধিদপ্তরের তথ্য অনুযায়ী, গত ২৪ ঘণ্টায় নতুন করে রোগী হাসপাতালে ভর্তি হয়েছেন। বরগুনা, পটুয়াখালী ও বরিশাল অঞ্চলে পরিস্থিতি উদ্বেগজনক। জেলা প্রশাসন মশক নিধন কার্যক্রম জোরদার করেছে এবং সচেতনতামূলক প্রচার চালাচ্ছে। বিশেষজ্ঞরা বলছেন, জমে থাকা পানি পরিষ্কার রাখা এবং লার্ভা ধ্বংস করাই ডেঙ্গু প্রতিরোধের মূল উপায়।
জেলাগুলোতে ডেঙ্গুর প্রকোপ দেখা দিয়েছে। স্বাস্থ্য অধিদপ্তরের তথ্য অনুযায়ী, গত ২৪ ঘণ্টায় নতুন করে রোগী হাসপাতালে ভর্তি হয়েছেন। বরগুনা, পটুয়াখালী ও বরিশাল অঞ্চলে পরিস্থিতি উদ্বেগজনক। জেলা প্রশাসন মশক নিধন কার্যক্রম জোরদার করেছে এবং সচেতনতামূলক প্রচার চালাচ্ছে। বিশেষজ্ঞরা বলছেন, জমে থাকা পানি পরিষ্কার রাখা এবং লার্ভা ধ্বংস করাই ডেঙ্গু প্রতিরোধের মূল উপায়।
জেলাগুলোতে ডেঙ্গুর প্রকোপ দেখা দিয়েছে। স্বাস্থ্য অধিদপ্তরের তথ্য অনুযায়ী, গত ২৪ ঘণ্টায় নতুন করে রোগী হাসপাতালে ভর্তি হয়েছেন। বরগুনা, পটুয়াখালী ও বরিশাল অঞ্চলে পরিস্থিতি উদ্বেগজনক। জেলা প্রশাসন মশক নিধন কার্যক্রম জোরদার করেছে এবং সচেতনতামূলক প্রচার চালাচ্ছে। বিশেষজ্ঞরা বলছেন, জমে থাকা পানি পরিষ্কার রাখা এবং লার্ভা ধ্বংস করাই ডেঙ্গু প্রতিরোধের মূল উপায়।
হলফনামায় পলাতক হাসিনার তথ্য
প্রথম পাতার পর
গ্রহণ বা রাজিনৈতিক হলফনামায় যাচাই-বাছাইয়ের সময় বা পরবর্তীতে কোনো তথ্য গোপন করার বিষয়টি তদন্তে উঠে এসেছে। দুর্নীতি দমন কমিশনের কর্মকর্তারা জানান, বিভিন্ন নির্বাচনের সময় জমা দেওয়া হলফনামায় সম্পদের তথ্য যাচাই করা হচ্ছে। ২০০৮, ২০১৪, ২০১৮ ও ২০২৪ সালের হলফনামায় দেওয়া তথ্যের সঙ্গে প্রকৃত সম্পদের বড় ধরনের অসঙ্গতি পাওয়া গেছে। এসব বিষয়ে আইনগত ব্যবস্থা নেওয়ার প্রক্রিয়া চলছে।
গ্রহণ বা রাজিনৈতিক হলফনামায় যাচাই-বাছাইয়ের সময় বা পরবর্তীতে কোনো তথ্য গোপন করার বিষয়টি তদন্তে উঠে এসেছে। দুর্নীতি দমন কমিশনের কর্মকর্তারা জানান, বিভিন্ন নির্বাচনের সময় জমা দেওয়া হলফনামায় সম্পদের তথ্য যাচাই করা হচ্ছে। ২০০৮, ২০১৪, ২০১৮ ও ২০২৪ সালের হলফনামায় দেওয়া তথ্যের সঙ্গে প্রকৃত সম্পদের বড় ধরনের অসঙ্গতি পাওয়া গেছে। এসব বিষয়ে আইনগত ব্যবস্থা নেওয়ার প্রক্রিয়া চলছে।
গ্রহণ বা রাজিনৈতিক হলফনামায় যাচাই-বাছাইয়ের সময় বা পরবর্তীতে কোনো তথ্য গোপন করার বিষয়টি তদন্তে উঠে এসেছে। দুর্নীতি দমন কমিশনের কর্মকর্তারা জানান, বিভিন্ন নির্বাচনের সময় জমা দেওয়া হলফনামায় সম্পদের তথ্য যাচাই করা হচ্ছে। ২০০৮, ২০১৪, ২০১৮ ও ২০২৪ সালের হলফনামায় দেওয়া তথ্যের সঙ্গে প্রকৃত সম্পদের বড় ধরনের অসঙ্গতি পাওয়া গেছে। এসব বিষয়ে আইনগত ব্যবস্থা নেওয়ার প্রক্রিয়া চলছে।
গ্রহণ বা রাজিনৈতিক হলফনামায় যাচাই-বাছাইয়ের সময় বা পরবর্তীতে কোনো তথ্য গোপন করার বিষয়টি তদন্তে উঠে এসেছে। দুর্নীতি দমন কমিশনের কর্মকর্তারা জানান, বিভিন্ন নির্বাচনের সময় জমা দেওয়া হলফনামায় সম্পদের তথ্য যাচাই করা হচ্ছে। ২০০৮, ২০১৪, ২০১৮ ও ২০২৪ সালের হলফনামায় দেওয়া তথ্যের সঙ্গে প্রকৃত সম্পদের বড় ধরনের অসঙ্গতি পাওয়া গেছে। এসব বিষয়ে আইনগত ব্যবস্থা নেওয়ার প্রক্রিয়া চলছে।
গ্রহণ বা রাজিনৈতিক হলফনামায় যাচাই-বাছাইয়ের সময় বা পরবর্তীতে কোনো তথ্য গোপন করার বিষয়টি তদন্তে উঠে এসেছে। দুর্নীতি দমন কমিশনের কর্মকর্তারা জানান, বিভিন্ন নির্বাচনের সময় জমা দেওয়া হলফনামায় সম্পদের তথ্য যাচাই করা হচ্ছে। ২০০৮, ২০১৪, ২০১৮ ও ২০২৪ সালের হলফনামায় দেওয়া তথ্যের সঙ্গে প্রকৃত সম্পদের বড় ধরনের অসঙ্গতি পাওয়া গেছে। এসব বিষয়ে আইনগত ব্যবস্থা নেওয়ার প্রক্রিয়া চলছে।
গ্রহণ বা রাজিনৈতিক হলফনামায় যাচাই-বাছাইয়ের সময় বা পরবর্তীতে কোনো তথ্য গোপন করার বিষয়টি তদন্তে উঠে এসেছে। দুর্নীতি দমন কমিশনের কর্মকর্তারা জানান, বিভিন্ন নির্বাচনের সময় জমা দেওয়া হলফনামায় সম্পদের তথ্য যাচাই করা হচ্ছে। ২০০৮, ২০১৪, ২০১৮ ও ২০২৪ সালের হলফনামায় দেওয়া তথ্যের সঙ্গে প্রকৃত সম্পদের বড় ধরনের অসঙ্গতি পাওয়া গেছে। এসব বিষয়ে আইনগত ব্যবস্থা নেওয়ার প্রক্রিয়া চলছে।
গ্রহণ বা রাজিনৈতিক হলফনামায় যাচাই-বাছাইয়ের সময় বা পরবর্তীতে কোনো তথ্য গোপন করার বিষয়টি তদন্তে উঠে এসেছে। দুর্নীতি দমন কমিশনের কর্মকর্তারা জানান, বিভিন্ন নির্বাচনের সময় জমা দেওয়া হলফনামায় সম্পদের তথ্য যাচাই করা হচ্ছে। ২০০৮, ২০১৪, ২০১৮ ও ২০২৪ সালের হলফনামায় দেওয়া তথ্যের সঙ্গে প্রকৃত সম্পদের বড় ধরনের অসঙ্গতি পাওয়া গেছে। এসব বিষয়ে আইনগত ব্যবস্থা নেওয়ার প্রক্রিয়া চলছে।
গ্রহণ বা রাজিনৈতিক হলফনামায় যাচাই-বাছাইয়ের সময় বা পরবর্তীতে কোনো তথ্য গোপন করার বিষয়টি তদন্তে উঠে এসেছে। দুর্নীতি দমন কমিশনের কর্মকর্তারা জানান, বিভিন্ন নির্বাচনের সময় জমা দেওয়া হলফনামায় সম্পদের তথ্য যাচাই করা হচ্ছে। ২০০৮, ২০১৪, ২০১৮ ও ২০২৪ সালের হলফনামায় দেওয়া তথ্যের সঙ্গে প্রকৃত সম্পদের বড় ধরনের অসঙ্গতি পাওয়া গেছে। এসব বিষয়ে আইনগত ব্যবস্থা নেওয়ার প্রক্রিয়া চলছে।
গ্রহণ বা রাজিনৈতিক হলফনামায় যাচাই-বাছাইয়ের সময় বা পরবর্তীতে কোনো তথ্য গোপন করার বিষয়টি তদন্তে উঠে এসেছে। দুর্নীতি দমন কমিশনের কর্মকর্তারা জানান, বিভিন্ন নির্বাচনের সময় জমা দেওয়া হলফনামায় সম্পদের তথ্য যাচাই করা হচ্ছে। ২০০৮, ২০১৪, ২০১৮ ও ২০২৪ সালের হলফনামায় দেওয়া তথ্যের সঙ্গে প্রকৃত সম্পদের বড় ধরনের অসঙ্গতি পাওয়া গেছে। এসব বিষয়ে আইনগত ব্যবস্থা নেওয়ার প্রক্রিয়া চলছে।
গ্রহণ বা রাজিনৈতিক হলফনামায় যাচাই-বাছাইয়ের সময় বা পরবর্তীতে কোনো তথ্য গোপন করার বিষয়টি তদন্তে উঠে এসেছে। দুর্নীতি দমন কমিশনের কর্মকর্তারা জানান, বিভিন্ন নির্বাচনের সময় জমা দেওয়া হলফনামায় সম্পদের তথ্য যাচাই করা হচ্ছে। ২০০৮, ২০১৪, ২০১৮ ও ২০২৪ সালের হলফনামায় দেওয়া তথ্যের সঙ্গে প্রকৃত সম্পদের বড় ধরনের অসঙ্গতি পাওয়া গেছে। এসব বিষয়ে আইনগত ব্যবস্থা নেওয়ার প্রক্রিয়া চলছে।
গ্রহণ বা রাজিনৈতিক হলফনামায় যাচাই-বাছাইয়ের সময় বা পরবর্তীতে কোনো তথ্য গোপন করার বিষয়টি তদন্তে উঠে এসেছে। দুর্নীতি দমন কমিশনের কর্মকর্তারা জানান, বিভিন্ন নির্বাচনের সময় জমা দেওয়া হলফনামায় সম্পদের তথ্য যাচাই করা হচ্ছে। ২০০৮, ২০১৪, ২০১৮ ও ২০২৪ সালের হলফনামায় দেওয়া তথ্যের সঙ্গে প্রকৃত সম্পদের বড় ধরনের অসঙ্গতি পাওয়া গেছে। এসব বিষয়ে আইনগত ব্যবস্থা নেওয়ার প্রক্রিয়া চলছে।
গ্রহণ বা রাজিনৈতিক হলফনামায় যাচাই-বাছাইয়ের সময় বা পরবর্তীতে কোনো তথ্য গোপন করার বিষয়টি তদন্তে উঠে এসেছে। দুর্নীতি দমন কমিশনের কর্মকর্তারা জানান, বিভিন্ন নির্বাচনের সময় জমা দেওয়া হলফনামায় সম্পদের তথ্য যাচাই করা হচ্ছে। ২০০৮, ২০১৪, ২০১৮ ও ২০২৪ সালের হলফনামায় দেওয়া তথ্যের সঙ্গে প্রকৃত সম্পদের বড় ধরনের অসঙ্গতি পাওয়া গেছে। এসব বিষয়ে আইনগত ব্যবস্থা নেওয়ার প্রক্রিয়া চলছে।
গ্রহণ বা রাজিনৈতিক হলফনামায় যাচাই-বাছাইয়ের সময় বা পরবর্তীতে কোনো তথ্য গোপন করার বিষয়টি তদন্তে উঠে এসেছে। দুর্নীতি দমন কমিশনের কর্মকর্তারা জানান, বিভিন্ন নির্বাচনের সময় জমা দেওয়া হলফনামায় সম্পদের তথ্য যাচাই করা হচ্ছে। ২০০৮, ২০১৪, ২০১৮ ও ২০২৪ সালের হলফনামায় দেওয়া তথ্যের সঙ্গে প্রকৃত সম্পদের বড় ধরনের অসঙ্গতি পাওয়া গেছে। এসব বিষয়ে আইনগত ব্যবস্থা নেওয়ার প্রক্রিয়া চলছে।
গ্রহণ বা রাজিনৈতিক হলফনামায় যাচাই-বাছাইয়ের সময় বা পরবর্তীতে কোনো তথ্য গোপন করার বিষয়টি তদন্তে উঠে এসেছে। দুর্নীতি দমন কমিশনের কর্মকর্তারা জানান, বিভিন্ন নির্বাচনের সময় জমা দেওয়া হলফনামায় সম্পদের তথ্য যাচাই করা হচ্ছে। ২০০৮, ২০১৪, ২০১৮ ও ২০২৪ সালের হলফনামায় দেওয়া তথ্যের সঙ্গে প্রকৃত সম্পদের বড় ধরনের অসঙ্গতি পাওয়া গেছে। এসব বিষয়ে আইনগত ব্যবস্থা নেওয়ার প্রক্রিয়া চলছে।
গ্রহণ বা রাজিনৈতিক হলফনামায় যাচাই-বাছাইয়ের সময় বা পরবর্তীতে কোনো তথ্য গোপন করার বিষয়টি তদন্তে উঠে এসেছে। দুর্নীতি দমন কমিশনের কর্মকর্তারা জানান, বিভিন্ন নির্বাচনের সময় জমা দেওয়া হলফনামায় সম্পদের তথ্য যাচাই করা হচ্ছে। ২০০৮, ২০১৪, ২০১৮ ও ২০২৪ সালের হলফনামায় দেওয়া তথ্যের সঙ্গে প্রকৃত সম্পদের বড় ধরনের অসঙ্গতি পাওয়া গেছে। এসব বিষয়ে আইনগত ব্যবস্থা নেওয়ার প্রক্রিয়া চলছে।
গ্রহণ বা রাজিনৈতিক হলফনামায় যাচাই-বাছাইয়ের সময় বা পরবর্তীতে কোনো তথ্য গোপন করার বিষয়টি তদন্তে উঠে এসেছে। দুর্নীতি দমন কমিশনের কর্মকর্তারা জানান, বিভিন্ন নির্বাচনের সময় জমা দেওয়া হলফনামায় সম্পদের তথ্য যাচাই করা হচ্ছে। ২০০৮, ২০১৪, ২০১৮ ও ২০২৪ সালের হলফনামায় দেওয়া তথ্যের সঙ্গে প্রকৃত সম্পদের বড় ধরনের অসঙ্গতি পাওয়া গেছে। এসব বিষয়ে আইনগত ব্যবস্থা নেওয়ার প্রক্রিয়া চলছে।
ষড়যন্ত্রকারীরা গণতন্ত্র ফেরানোর
প্রথম পাতার পর
অনেক প্রতিক্রিয়া হয়েছে। কোনো আপসহীন কাজে দেশের রাজনৈতিক সংস্কৃতিকে বিপন্ন করার চেষ্টা করছেন। সরকারকে সতর্ক থাকতে হবে। দেশের মানুষ গণতন্ত্র ফিরে পেতে চায়। যারা গণতন্ত্র ফেরানোর পথে বাধা সৃষ্টি করছে, তাদের ব্যাপারে জনগণ সজাগ রয়েছে। রাজনৈতিক দলগুলোর মধ্যে ঐক্য বজায় রাখা জরুরি বলে মনে করেন তিনি।
অনেক প্রতিক্রিয়া হয়েছে। কোনো আপসহীন কাজে দেশের রাজনৈতিক সংস্কৃতিকে বিপন্ন করার চেষ্টা করছেন। সরকারকে সতর্ক থাকতে হবে। দেশের মানুষ গণতন্ত্র ফিরে পেতে চায়। যারা গণতন্ত্র ফেরানোর পথে বাধা সৃষ্টি করছে, তাদের ব্যাপারে জনগণ সজাগ রয়েছে। রাজনৈতিক দলগুলোর মধ্যে ঐক্য বজায় রাখা জরুরি বলে মনে করেন তিনি।
অনেক প্রতিক্রিয়া হয়েছে। কোনো আপসহীন কাজে দেশের রাজনৈতিক সংস্কৃতিকে বিপন্ন করার চেষ্টা করছেন। সরকারকে সতর্ক থাকতে হবে। দেশের মানুষ গণতন্ত্র ফিরে পেতে চায়। যারা গণতন্ত্র ফেরানোর পথে বাধা সৃষ্টি করছে, তাদের ব্যাপারে জনগণ সজাগ রয়েছে। রাজনৈতিক দলগুলোর মধ্যে ঐক্য বজায় রাখা জরুরি বলে মনে করেন তিনি।
অনেক প্রতিক্রিয়া হয়েছে। কোনো আপসহীন কাজে দেশের রাজনৈতিক সংস্কৃতিকে বিপন্ন করার চেষ্টা করছেন। সরকারকে সতর্ক থাকতে হবে। দেশের মানুষ গণতন্ত্র ফিরে পেতে চায়। যারা গণতন্ত্র ফেরানোর পথে বাধা সৃষ্টি করছে, তাদের ব্যাপারে জনগণ সজাগ রয়েছে। রাজনৈতিক দলগুলোর মধ্যে ঐক্য বজায় রাখা জরুরি বলে মনে করেন তিনি।
অনেক প্রতিক্রিয়া হয়েছে। কোনো আপসহীন কাজে দেশের রাজনৈতিক সংস্কৃতিকে বিপন্ন করার চেষ্টা করছেন। সরকারকে সতর্ক থাকতে হবে। দেশের মানুষ গণতন্ত্র ফিরে পেতে চায়। যারা গণতন্ত্র ফেরানোর পথে বাধা সৃষ্টি করছে, তাদের ব্যাপারে জনগণ সজাগ রয়েছে। রাজনৈতিক দলগুলোর মধ্যে ঐক্য বজায় রাখা জরুরি বলে মনে করেন তিনি।
অনেক প্রতিক্রিয়া হয়েছে। কোনো আপসহীন কাজে দেশের রাজনৈতিক সংস্কৃতিকে বিপন্ন করার চেষ্টা করছেন। সরকারকে সতর্ক থাকতে হবে। দেশের মানুষ গণতন্ত্র ফিরে পেতে চায়। যারা গণতন্ত্র ফেরানোর পথে বাধা সৃষ্টি করছে, তাদের ব্যাপারে জনগণ সজাগ রয়েছে। রাজনৈতিক দলগুলোর মধ্যে ঐক্য বজায় রাখা জরুরি বলে মনে করেন তিনি।
আজ ঢাকায় জামায়াতের
প্রথম পাতার পর
করতে হবে। ঐতিহাসিক জুলাই গণ-অভ্যুত্থানের স্মরণে আজ রাজধানীর সোহরাওয়ার্দী উদ্যানে সমাবেশ অনুষ্ঠিত হবে। দলটির নেতারা জানান, সারা দেশ থেকে নেতাকর্মীরা এতে অংশ নেবেন। সমাবেশ সফল করতে ব্যাপক প্রস্তুতি নেওয়া হয়েছে।
করতে হবে। ঐতিহাসিক জুলাই গণ-অভ্যুত্থানের স্মরণে আজ রাজধানীর সোহরাওয়ার্দী উদ্যানে সমাবেশ অনুষ্ঠিত হবে। দলটির নেতারা জানান, সারা দেশ থেকে নেতাকর্মীরা এতে অংশ নেবেন। সমাবেশ সফল করতে ব্যাপক প্রস্তুতি নেওয়া হয়েছে।
করতে হবে। ঐতিহাসিক জুলাই গণ-অভ্যুত্থানের স্মরণে আজ রাজধানীর সোহরাওয়ার্দী উদ্যানে সমাবেশ অনুষ্ঠিত হবে। দলটির নেতারা জানান, সারা দেশ থেকে নেতাকর্মীরা এতে অংশ নেবেন। সমাবেশ সফল করতে ব্যাপক প্রস্তুতি নেওয়া হয়েছে।
করতে হবে। ঐতিহাসিক জুলাই গণ-অভ্যুত্থানের স্মরণে আজ রাজধানীর সোহরাওয়ার্দী উদ্যানে সমাবেশ অনুষ্ঠিত হবে। দলটির নেতারা জানান, সারা দেশ থেকে নেতাকর্মীরা এতে অংশ নেবেন। সমাবেশ সফল করতে ব্যাপক প্রস্তুতি নেওয়া হয়েছে।
হামলা ও গাড়ি ভাঙচুরের ঘটনায়
প্রথম পাতার পর
পরিস্থিতি তৈরি হয়। গত বুধবার গোপালগঞ্জে সমাবেশ শেষে ফেরার পথে এনসিপি নেতাকর্মীদের গাড়িবহরে হামলা চালানো হয়। এ ঘটনায় পুলিশ বাদী হয়ে মামলা করেছে। আইনশৃঙ্খলা রক্ষাকারী বাহিনী অভিযান চালিয়ে বেশ কয়েকজনকে গ্রেপ্তার করেছে। জেলা প্রশাসন কারফিউ জারি করেছে এবং পরিস্থিতি এখন নিয়ন্ত্রণে রয়েছে বলে জানিয়েছে।
পরিস্থিতি তৈরি হয়। গত বুধবার গোপালগঞ্জে সমাবেশ শেষে ফেরার পথে এনসিপি নেতাকর্মীদের গাড়িবহরে হামলা চালানো হয়। এ ঘটনায় পুলিশ বাদী হয়ে মামলা করেছে। আইনশৃঙ্খলা রক্ষাকারী বাহিনী অভিযান চালিয়ে বেশ কয়েকজনকে গ্রেপ্তার করেছে। জেলা প্রশাসন কারফিউ জারি করেছে এবং পরিস্থিতি এখন নিয়ন্ত্রণে রয়েছে বলে জানিয়েছে।
পরিস্থিতি তৈরি হয়। গত বুধবার গোপালগঞ্জে সমাবেশ শেষে ফেরার পথে এনসিপি নেতাকর্মীদের গাড়িবহরে হামলা চালানো হয়। এ ঘটনায় পুলিশ বাদী হয়ে মামলা করেছে। আইনশৃঙ্খলা রক্ষাকারী বাহিনী অভিযান চালিয়ে বেশ কয়েকজনকে গ্রেপ্তার করেছে। জেলা প্রশাসন কারফিউ জারি করেছে এবং পরিস্থিতি এখন নিয়ন্ত্রণে রয়েছে বলে জানিয়েছে।
পরিস্থিতি তৈরি হয়। গত বুধবার গোপালগঞ্জে সমাবেশ শেষে ফেরার পথে এনসিপি নেতাকর্মীদের গাড়িবহরে হামলা চালানো হয়। এ ঘটনায় পুলিশ বাদী হয়ে মামলা করেছে। আইনশৃঙ্খলা রক্ষাকারী বাহিনী অভিযান চালিয়ে বেশ কয়েকজনকে গ্রেপ্তার করেছে। জেলা প্রশাসন কারফিউ জারি করেছে এবং পরিস্থিতি এখন নিয়ন্ত্রণে রয়েছে বলে জানিয়েছে।
পরিস্থিতি তৈরি হয়। গত বুধবার গোপালগঞ্জে সমাবেশ শেষে ফেরার পথে এনসিপি নেতাকর্মীদের গাড়িবহরে হামলা চালানো হয়। এ ঘটনায় পুলিশ বাদী হয়ে মামলা করেছে। আইনশৃঙ্খলা রক্ষাকারী বাহিনী অভিযান চালিয়ে বেশ কয়েকজনকে গ্রেপ্তার করেছে। জেলা প্রশাসন কারফিউ জারি করেছে এবং পরিস্থিতি এখন নিয়ন্ত্রণে রয়েছে বলে জানিয়েছে।
পরিস্থিতি তৈরি হয়। গত বুধবার গোপালগঞ্জে সমাবেশ শেষে ফেরার পথে এনসিপি নেতাকর্মীদের গাড়িবহরে হামলা চালানো হয়। এ ঘটনায় পুলিশ বাদী হয়ে মামলা করেছে। আইনশৃঙ্খলা রক্ষাকারী বাহিনী অভিযান চালিয়ে বেশ কয়েকজনকে গ্রেপ্তার করেছে। জেলা প্রশাসন কারফিউ জারি করেছে এবং পরিস্থিতি এখন নিয়ন্ত্রণে রয়েছে বলে জানিয়েছে।
আরো ১০ জেলায় হামলা হলেও
প্রথম পাতার পর
কোনো কথা বলেনি। গত বুধবার আরো অন্তত ১০টি জেলায় হামলার ঘটনা ঘটেছে। রাজনৈতিক বিশ্লেষকরা বলছেন, এসব ঘটনার সুষ্ঠু তদন্ত হওয়া প্রয়োজন। দোষীদের আইনের আওতায় আনা না গেলে পরিস্থিতির আরো অবনতি হতে পারে।
কোনো কথা বলেনি। গত বুধবার আরো অন্তত ১০টি জেলায় হামলার ঘটনা ঘটেছে। রাজনৈতিক বিশ্লেষকরা বলছেন, এসব ঘটনার সুষ্ঠু তদন্ত হওয়া প্রয়োজন। দোষীদের আইনের আওতায় আনা না গেলে পরিস্থিতির আরো অবনতি হতে পারে।
কোনো কথা বলেনি। গত বুধবার আরো অন্তত ১০টি জেলায় হামলার ঘটনা ঘটেছে। রাজনৈতিক বিশ্লেষকরা বলছেন, এসব ঘটনার সুষ্ঠু তদন্ত হওয়া প্রয়োজন। দোষীদের আইনের আওতায় আনা না গেলে পরিস্থিতির আরো অবনতি হতে পারে।
কোনো কথা বলেনি। গত বুধবার আরো অন্তত ১০টি জেলায় হামলার ঘটনা ঘটেছে। রাজনৈতিক বিশ্লেষকরা বলছেন, এসব ঘটনার সুষ্ঠু তদন্ত হওয়া প্রয়োজন। দোষীদের আইনের আওতায় আনা না গেলে পরিস্থিতির আরো অবনতি হতে পারে।
রূপপুর পরমাণু বিদ্যুৎকেন্দ্রে
প্রথম পাতার পর
নির্ধারণের কাজে চালানো হয়েছে। হট টেস্টিং শুরুর আগে সব প্রস্তুতি সম্পন্ন হয়েছে বলে জানিয়েছে কর্তৃপক্ষ। রূপপুর পারমাণবিক বিদ্যুৎকেন্দ্রের প্রথম ইউনিট থেকে জাতীয় গ্রিডে বিদ্যুৎ সরবরাহের প্রস্তুতি চলছে। প্রকল্প কর্মকর্তারা জানান, নিরাপত্তার সব মানদণ্ড কঠোরভাবে অনুসরণ করা হচ্ছে।
নির্ধারণের কাজে চালানো হয়েছে। হট টেস্টিং শুরুর আগে সব প্রস্তুতি সম্পন্ন হয়েছে বলে জানিয়েছে কর্তৃপক্ষ। রূপপুর পারমাণবিক বিদ্যুৎকেন্দ্রের প্রথম ইউনিট থেকে জাতীয় গ্রিডে বিদ্যুৎ সরবরাহের প্রস্তুতি চলছে। প্রকল্প কর্মকর্তারা জানান, নিরাপত্তার সব মানদণ্ড কঠোরভাবে অনুসরণ করা হচ্ছে।
নির্ধারণের কাজে চালানো হয়েছে। হট টেস্টিং শুরুর আগে সব প্রস্তুতি সম্পন্ন হয়েছে বলে জানিয়েছে কর্তৃপক্ষ। রূপপুর পারমাণবিক বিদ্যুৎকেন্দ্রের প্রথম ইউনিট থেকে জাতীয় গ্রিডে বিদ্যুৎ সরবরাহের প্রস্তুতি চলছে। প্রকল্প কর্মকর্তারা জানান, নিরাপত্তার সব মানদণ্ড কঠোরভাবে অনুসরণ করা হচ্ছে।
নির্ধারণের কাজে চালানো হয়েছে। হট টেস্টিং শুরুর আগে সব প্রস্তুতি সম্পন্ন হয়েছে বলে জানিয়েছে কর্তৃপক্ষ। রূপপুর পারমাণবিক বিদ্যুৎকেন্দ্রের প্রথম ইউনিট থেকে জাতীয় গ্রিডে বিদ্যুৎ সরবরাহের প্রস্তুতি চলছে। প্রকল্প কর্মকর্তারা জানান, নিরাপত্তার সব মানদণ্ড কঠোরভাবে অনুসরণ করা হচ্ছে।
